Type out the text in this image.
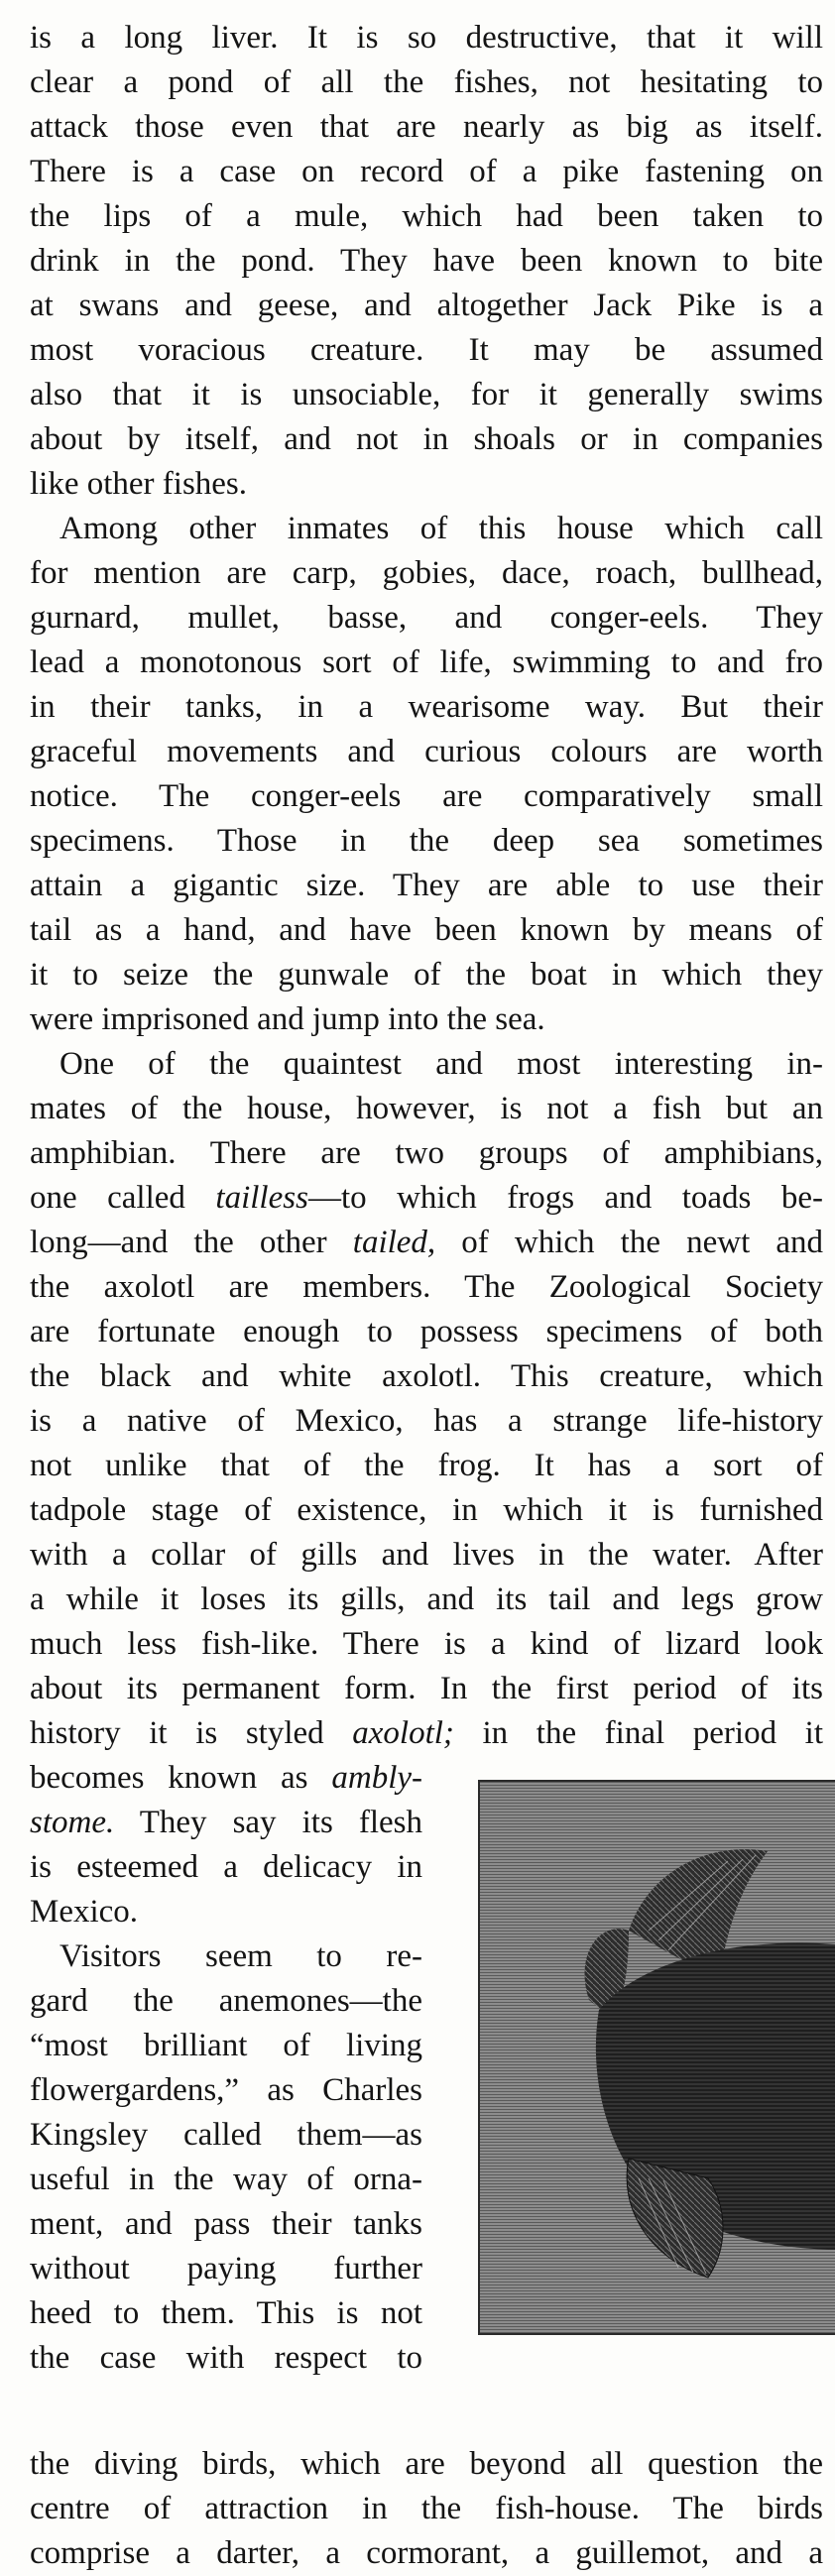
is a long liver. It is so destructive, that it will
clear a pond of all the fishes, not hesitating to
attack those even that are nearly as big as itself.
There is a case on record of a pike fastening on
the lips of a mule, which had been taken to
drink in the pond. They have been known to bite
at swans and geese, and altogether Jack Pike is a
most voracious creature. It may be assumed
also that it is unsociable, for it generally swims
about by itself, and not in shoals or in companies
like other fishes.

Among other inmates of this house which call
for mention are carp, gobies, dace, roach, bullhead,
gurnard, mullet, basse, and conger-eels. They
lead a monotonous sort of life, swimming to and fro
in their tanks, in a wearisome way. But their
graceful movements and curious colours are worth
notice. The conger-eels are comparatively small
specimens. Those in the deep sea sometimes
attain a gigantic size. They are able to use their
tail as a hand, and have been known by means of
it to seize the gunwale of the boat in which they
were imprisoned and jump into the sea.

One of the quaintest and most interesting in-
mates of the house, however, is not a fish but an
amphibian. There are two groups of amphibians,
one called tailless—to which frogs and toads be-
long—and the other tailed, of which the newt and
the axolotl are members. The Zoological Society
are fortunate enough to possess specimens of both
the black and white axolotl. This creature, which
is a native of Mexico, has a strange life-history
not unlike that of the frog. It has a sort of
tadpole stage of existence, in which it is furnished
with a collar of gills and lives in the water. After
a while it loses its gills, and its tail and legs grow
much less fish-like. There is a kind of lizard look
about its permanent form. In the first period of its
history it is styled axolotl; in the final period it

becomes known as ambly-
stome. They say its flesh
is esteemed a delicacy in
Mexico.
Visitors seem to re-
gard the anemones—the
“most brilliant of living
flowergardens,” as Charles
Kingsley called them—as
useful in the way of orna-
ment, and pass their tanks
without paying further
heed to them. This is not
the case with respect to
the diving birds, which are beyond all question the
centre of attraction in the fish-house. The birds
comprise a darter, a cormorant, a guillemot, and a
